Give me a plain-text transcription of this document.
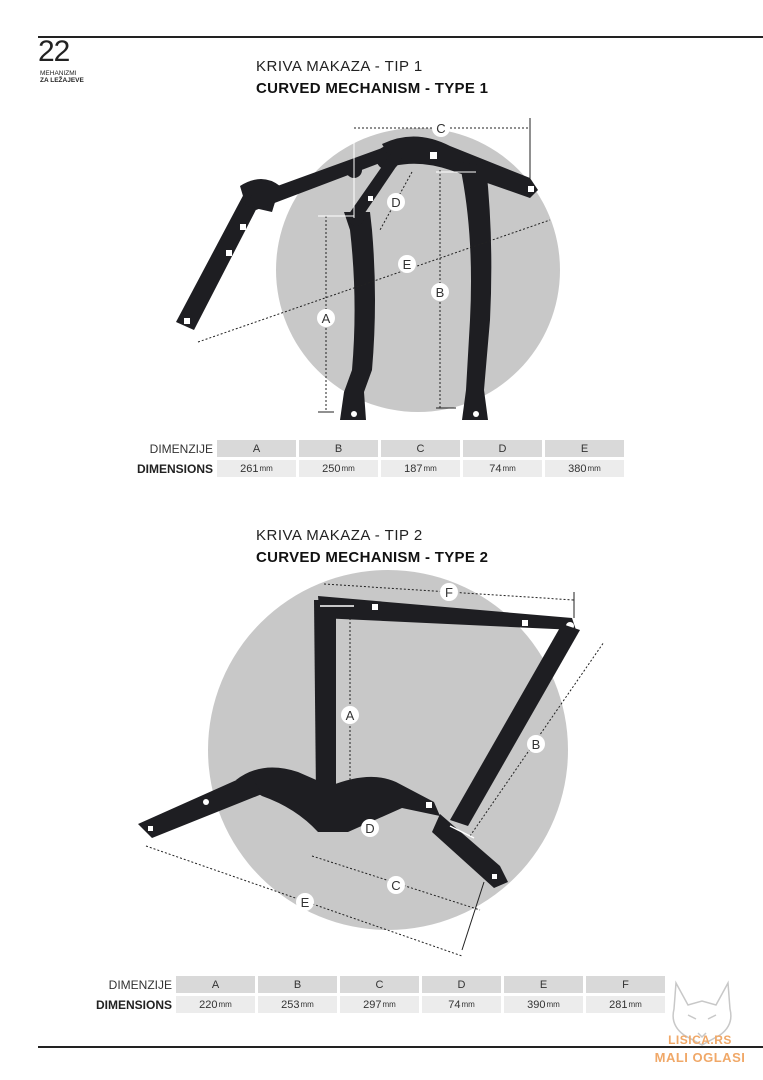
22
MEHANIZMI
ZA LEŽAJEVE
KRIVA MAKAZA - TIP 1
CURVED MECHANISM - TYPE 1
C
D
E
B
A
DIMENZIJE	A	B	C	D	E
DIMENSIONS 261 mm	250 mm	187 mm	74 mm	380 mm
KRIVA MAKAZA - TIP 2
CURVED MECHANISM - TYPE 2
F
A
B
D
C
E
DIMENZIJE	A	B	C	D	E	F
DIMENSIONS 220 mm	253 mm	297 mm	74 mm	390 mm	281 mm
LISICA.RS
MALI OGLASI
